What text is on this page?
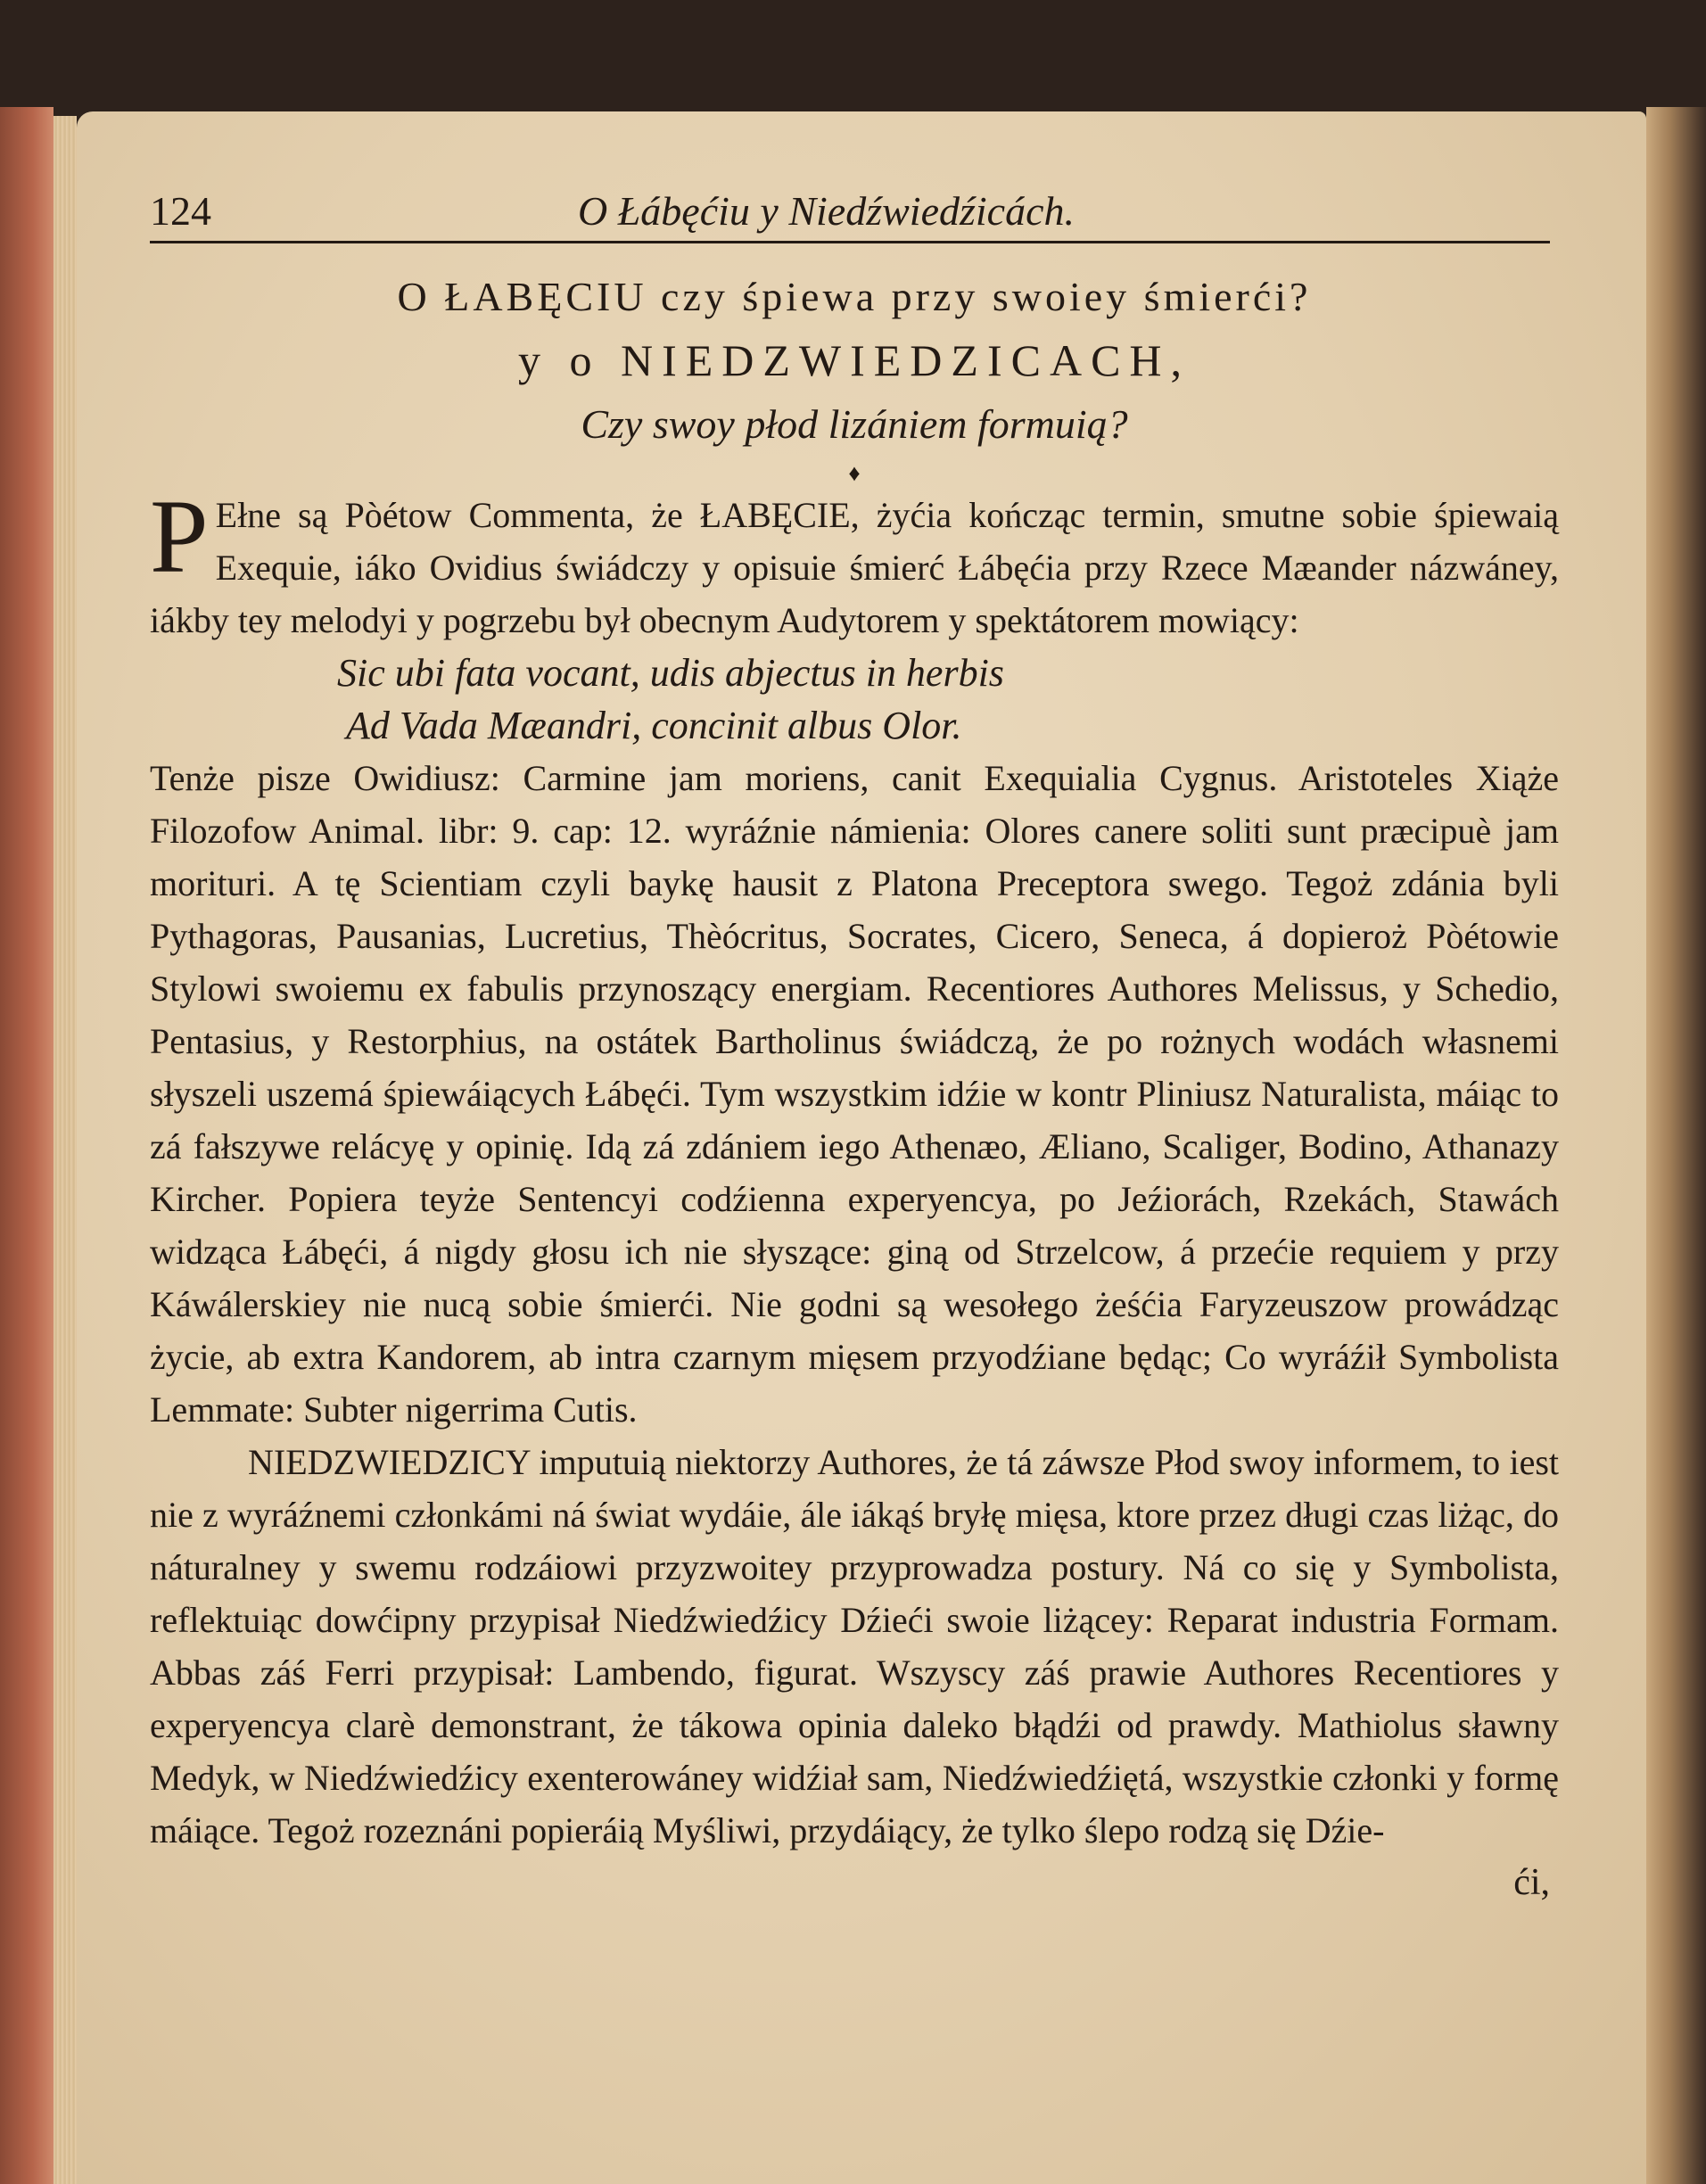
124	O Łábęćiu y Niedźwiedźicách.
O ŁABĘCIU czy śpiewa przy swoiey śmierći?
y o NIEDZWIEDZICACH,
Czy swoy płod lizániem formuią?
♦

P Ełne są Pòétow Commenta, że ŁABĘCIE, żyćia kończąc termin, smutne sobie śpiewaią Exequie, iáko Ovidius świádczy y opisuie śmierć Łábęćia przy Rzece Mæander názwáney, iákby tey melodyi y pogrzebu był obecnym Audytorem y spektátorem mowiący:

Sic ubi fata vocant, udis abjectus in herbis

Ad Vada Mæandri, concinit albus Olor.

Tenże pisze Owidiusz: Carmine jam moriens, canit Exequialia Cygnus. Aristoteles Xiąże Filozofow Animal. libr: 9. cap: 12. wyráźnie námienia: Olores canere soliti sunt præcipuè jam morituri. A tę Scientiam czyli baykę hausit z Platona Preceptora swego. Tegoż zdánia byli Pythagoras, Pausanias, Lucretius, Thèócritus, Socrates, Cicero, Seneca, á dopieroż Pòétowie Stylowi swoiemu ex fabulis przynoszący energiam. Recentiores Authores Melissus, y Schedio, Pentasius, y Restorphius, na ostátek Bartholinus świádczą, że po rożnych wodách własnemi słyszeli uszemá śpiewáiących Łábęći. Tym wszystkim idźie w kontr Pliniusz Naturalista, máiąc to zá fałszywe relácyę y opinię. Idą zá zdániem iego Athenæo, Æliano, Scaliger, Bodino, Athanazy Kircher. Popiera teyże Sentencyi codźienna experyencya, po Jeźiorách, Rzekách, Stawách widząca Łábęći, á nigdy głosu ich nie słyszące: giną od Strzelcow, á przećie requiem y przy Káwálerskiey nie nucą sobie śmierći. Nie godni są wesołego żeśćia Faryzeuszow prowádząc życie, ab extra Kandorem, ab intra czarnym mięsem przyodźiane będąc; Co wyráźił Symbolista Lemmate: Subter nigerrima Cutis.

NIEDZWIEDZICY imputuią niektorzy Authores, że tá záwsze Płod swoy informem, to iest nie z wyráźnemi członkámi ná świat wydáie, ále iákąś bryłę mięsa, ktore przez długi czas liżąc, do náturalney y swemu rodzáiowi przyzwoitey przyprowadza postury. Ná co się y Symbolista, reflektuiąc dowćipny przypisał Niedźwiedźicy Dźieći swoie liżącey: Reparat industria Formam. Abbas záś Ferri przypisał: Lambendo, figurat. Wszyscy záś prawie Authores Recentiores y experyencya clarè demonstrant, że tákowa opinia daleko błądźi od prawdy. Mathiolus sławny Medyk, w Niedźwiedźicy exenterowáney widźiał sam, Niedźwiedźiętá, wszystkie członki y formę máiące. Tegoż rozeznáni popieráią Myśliwi, przydáiący, że tylko ślepo rodzą się Dźie-

ći,
